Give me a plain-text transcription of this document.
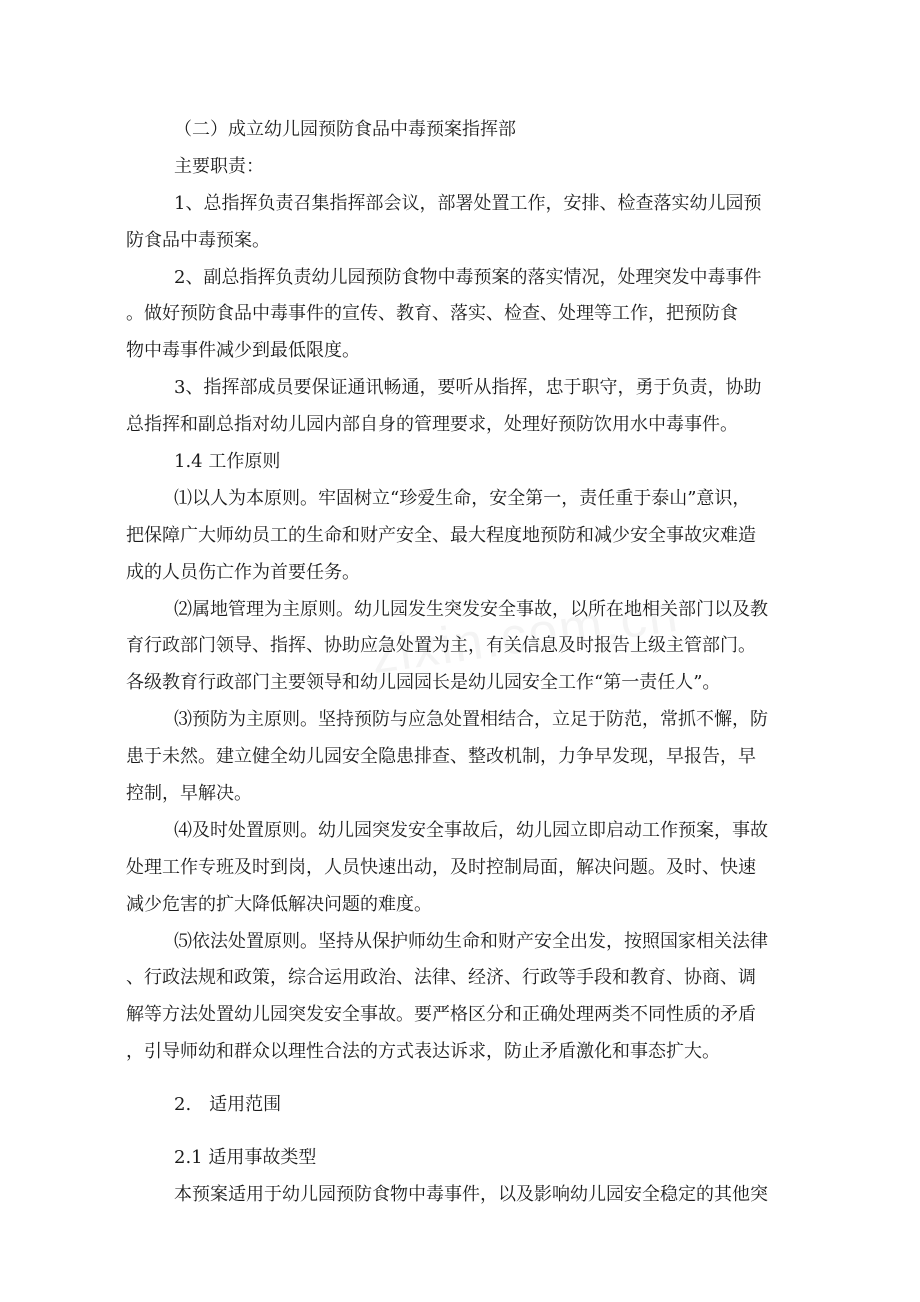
（二）成立幼儿园预防食品中毒预案指挥部
主要职责：
1、总指挥负责召集指挥部会议，部署处置工作，安排、检查落实幼儿园预
防食品中毒预案。
2、副总指挥负责幼儿园预防食物中毒预案的落实情况，处理突发中毒事件
。做好预防食品中毒事件的宣传、教育、落实、检查、处理等工作，把预防食
物中毒事件减少到最低限度。
3、指挥部成员要保证通讯畅通，要听从指挥，忠于职守，勇于负责，协助
总指挥和副总指对幼儿园内部自身的管理要求，处理好预防饮用水中毒事件。
1.4 工作原则
⑴以人为本原则。牢固树立“珍爱生命，安全第一，责任重于泰山”意识，
把保障广大师幼员工的生命和财产安全、最大程度地预防和减少安全事故灾难造
成的人员伤亡作为首要任务。
⑵属地管理为主原则。幼儿园发生突发安全事故，以所在地相关部门以及教
育行政部门领导、指挥、协助应急处置为主，有关信息及时报告上级主管部门。
各级教育行政部门主要领导和幼儿园园长是幼儿园安全工作“第一责任人”。
⑶预防为主原则。坚持预防与应急处置相结合，立足于防范，常抓不懈，防
患于未然。建立健全幼儿园安全隐患排查、整改机制，力争早发现，早报告，早
控制，早解决。
⑷及时处置原则。幼儿园突发安全事故后，幼儿园立即启动工作预案，事故
处理工作专班及时到岗，人员快速出动，及时控制局面，解决问题。及时、快速
减少危害的扩大降低解决问题的难度。
⑸依法处置原则。坚持从保护师幼生命和财产安全出发，按照国家相关法律
、行政法规和政策，综合运用政治、法律、经济、行政等手段和教育、协商、调
解等方法处置幼儿园突发安全事故。要严格区分和正确处理两类不同性质的矛盾
，引导师幼和群众以理性合法的方式表达诉求，防止矛盾激化和事态扩大。
2.　适用范围
2.1 适用事故类型
本预案适用于幼儿园预防食物中毒事件，以及影响幼儿园安全稳定的其他突
